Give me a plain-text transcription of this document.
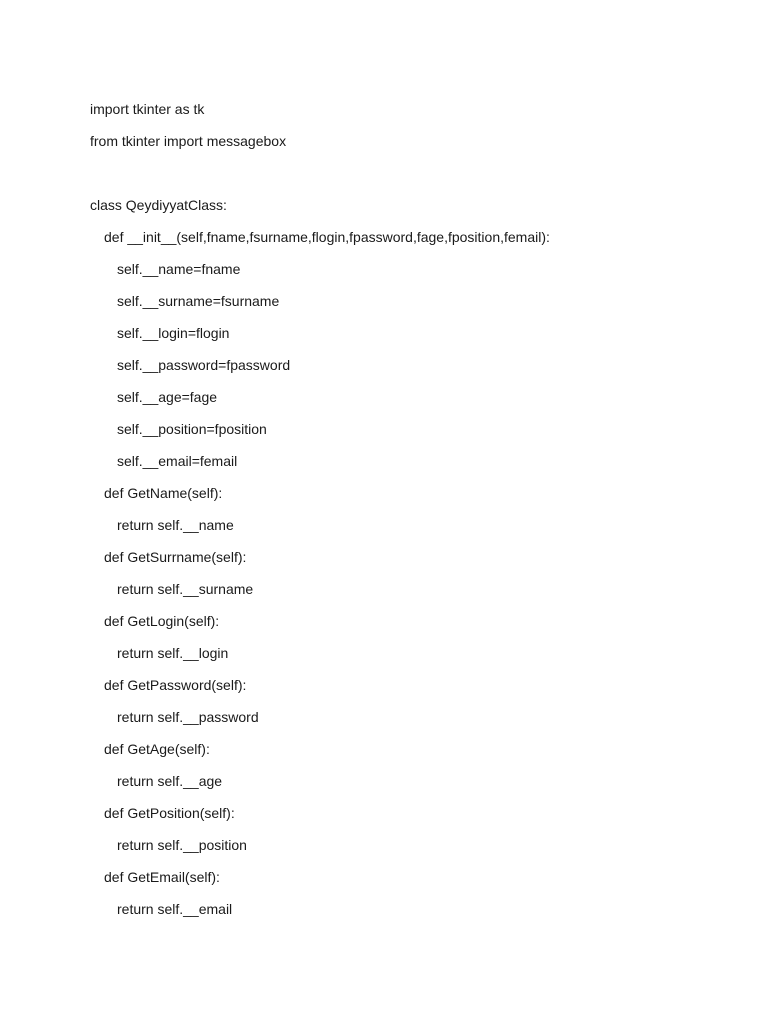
import tkinter as tk
from tkinter import messagebox
class QeydiyyatClass:
def __init__(self,fname,fsurname,flogin,fpassword,fage,fposition,femail):
self.__name=fname
self.__surname=fsurname
self.__login=flogin
self.__password=fpassword
self.__age=fage
self.__position=fposition
self.__email=femail
def GetName(self):
return self.__name
def GetSurrname(self):
return self.__surname
def GetLogin(self):
return self.__login
def GetPassword(self):
return self.__password
def GetAge(self):
return self.__age
def GetPosition(self):
return self.__position
def GetEmail(self):
return self.__email
